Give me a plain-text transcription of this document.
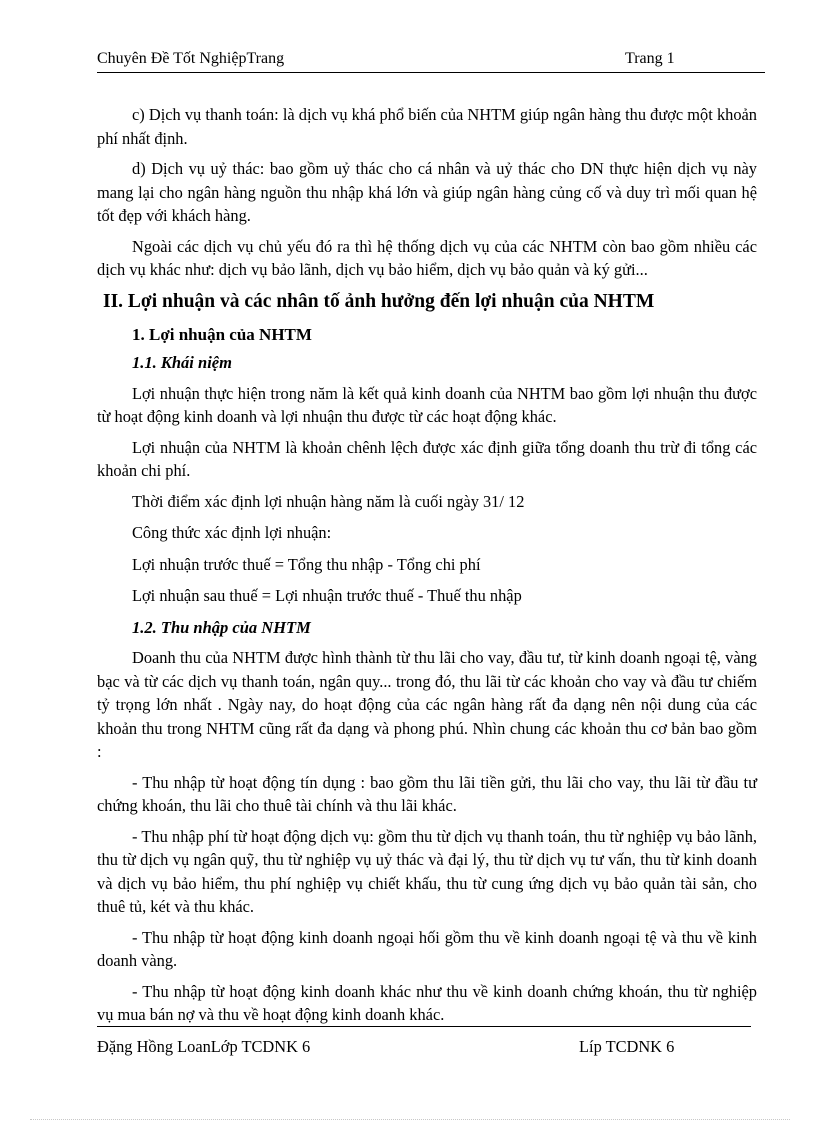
Chuyên Đề Tốt NghiệpTrang	Trang 1

c) Dịch vụ thanh toán: là dịch vụ khá phổ biến của NHTM giúp ngân hàng thu được một khoản phí nhất định.

d) Dịch vụ uỷ thác: bao gồm uỷ thác cho cá nhân và uỷ thác cho DN thực hiện dịch vụ này mang lại cho ngân hàng nguồn thu nhập khá lớn và giúp ngân hàng củng cố và duy trì mối quan hệ tốt đẹp với khách hàng.

Ngoài các dịch vụ chủ yếu đó ra thì hệ thống dịch vụ của các NHTM còn bao gồm nhiều các dịch vụ khác như: dịch vụ bảo lãnh, dịch vụ bảo hiểm, dịch vụ bảo quản và ký gửi...

II. Lợi nhuận và các nhân tố ảnh hưởng đến lợi nhuận của NHTM
1. Lợi nhuận của NHTM
1.1. Khái niệm

Lợi nhuận thực hiện trong năm là kết quả kinh doanh của NHTM bao gồm lợi nhuận thu được từ hoạt động kinh doanh và lợi nhuận thu được từ các hoạt động khác.

Lợi nhuận của NHTM là khoản chênh lệch được xác định giữa tổng doanh thu trừ đi tổng các khoản chi phí.

Thời điểm xác định lợi nhuận hàng năm là cuối ngày 31/ 12
Công thức xác định lợi nhuận:
Lợi nhuận trước thuế = Tổng thu nhập - Tổng chi phí
Lợi nhuận sau thuế = Lợi nhuận trước thuế - Thuế thu nhập
1.2. Thu nhập của NHTM

Doanh thu của NHTM được hình thành từ thu lãi cho vay, đầu tư, từ kinh doanh ngoại tệ, vàng bạc và từ các dịch vụ thanh toán, ngân quy... trong đó, thu lãi từ các khoản cho vay và đầu tư chiếm tỷ trọng lớn nhất . Ngày nay, do hoạt động của các ngân hàng rất đa dạng nên nội dung của các khoản thu trong NHTM cũng rất đa dạng và phong phú. Nhìn chung các khoản thu cơ bản bao gồm :

- Thu nhập từ hoạt động tín dụng : bao gồm thu lãi tiền gửi, thu lãi cho vay, thu lãi từ đầu tư chứng khoán, thu lãi cho thuê tài chính và thu lãi khác.

- Thu nhập phí từ hoạt động dịch vụ: gồm thu từ dịch vụ thanh toán, thu từ nghiệp vụ bảo lãnh, thu từ dịch vụ ngân quỹ, thu từ nghiệp vụ uỷ thác và đại lý, thu từ dịch vụ tư vấn, thu từ kinh doanh và dịch vụ bảo hiểm, thu phí nghiệp vụ chiết khấu, thu từ cung ứng dịch vụ bảo quản tài sản, cho thuê tủ, két và thu khác.

- Thu nhập từ hoạt động kinh doanh ngoại hối gồm thu về kinh doanh ngoại tệ và thu về kinh doanh vàng.

- Thu nhập từ hoạt động kinh doanh khác như thu về kinh doanh chứng khoán, thu từ nghiệp vụ mua bán nợ và thu về hoạt động kinh doanh khác.

Đặng Hồng LoanLớp TCDNK 6	Líp TCDNK 6
